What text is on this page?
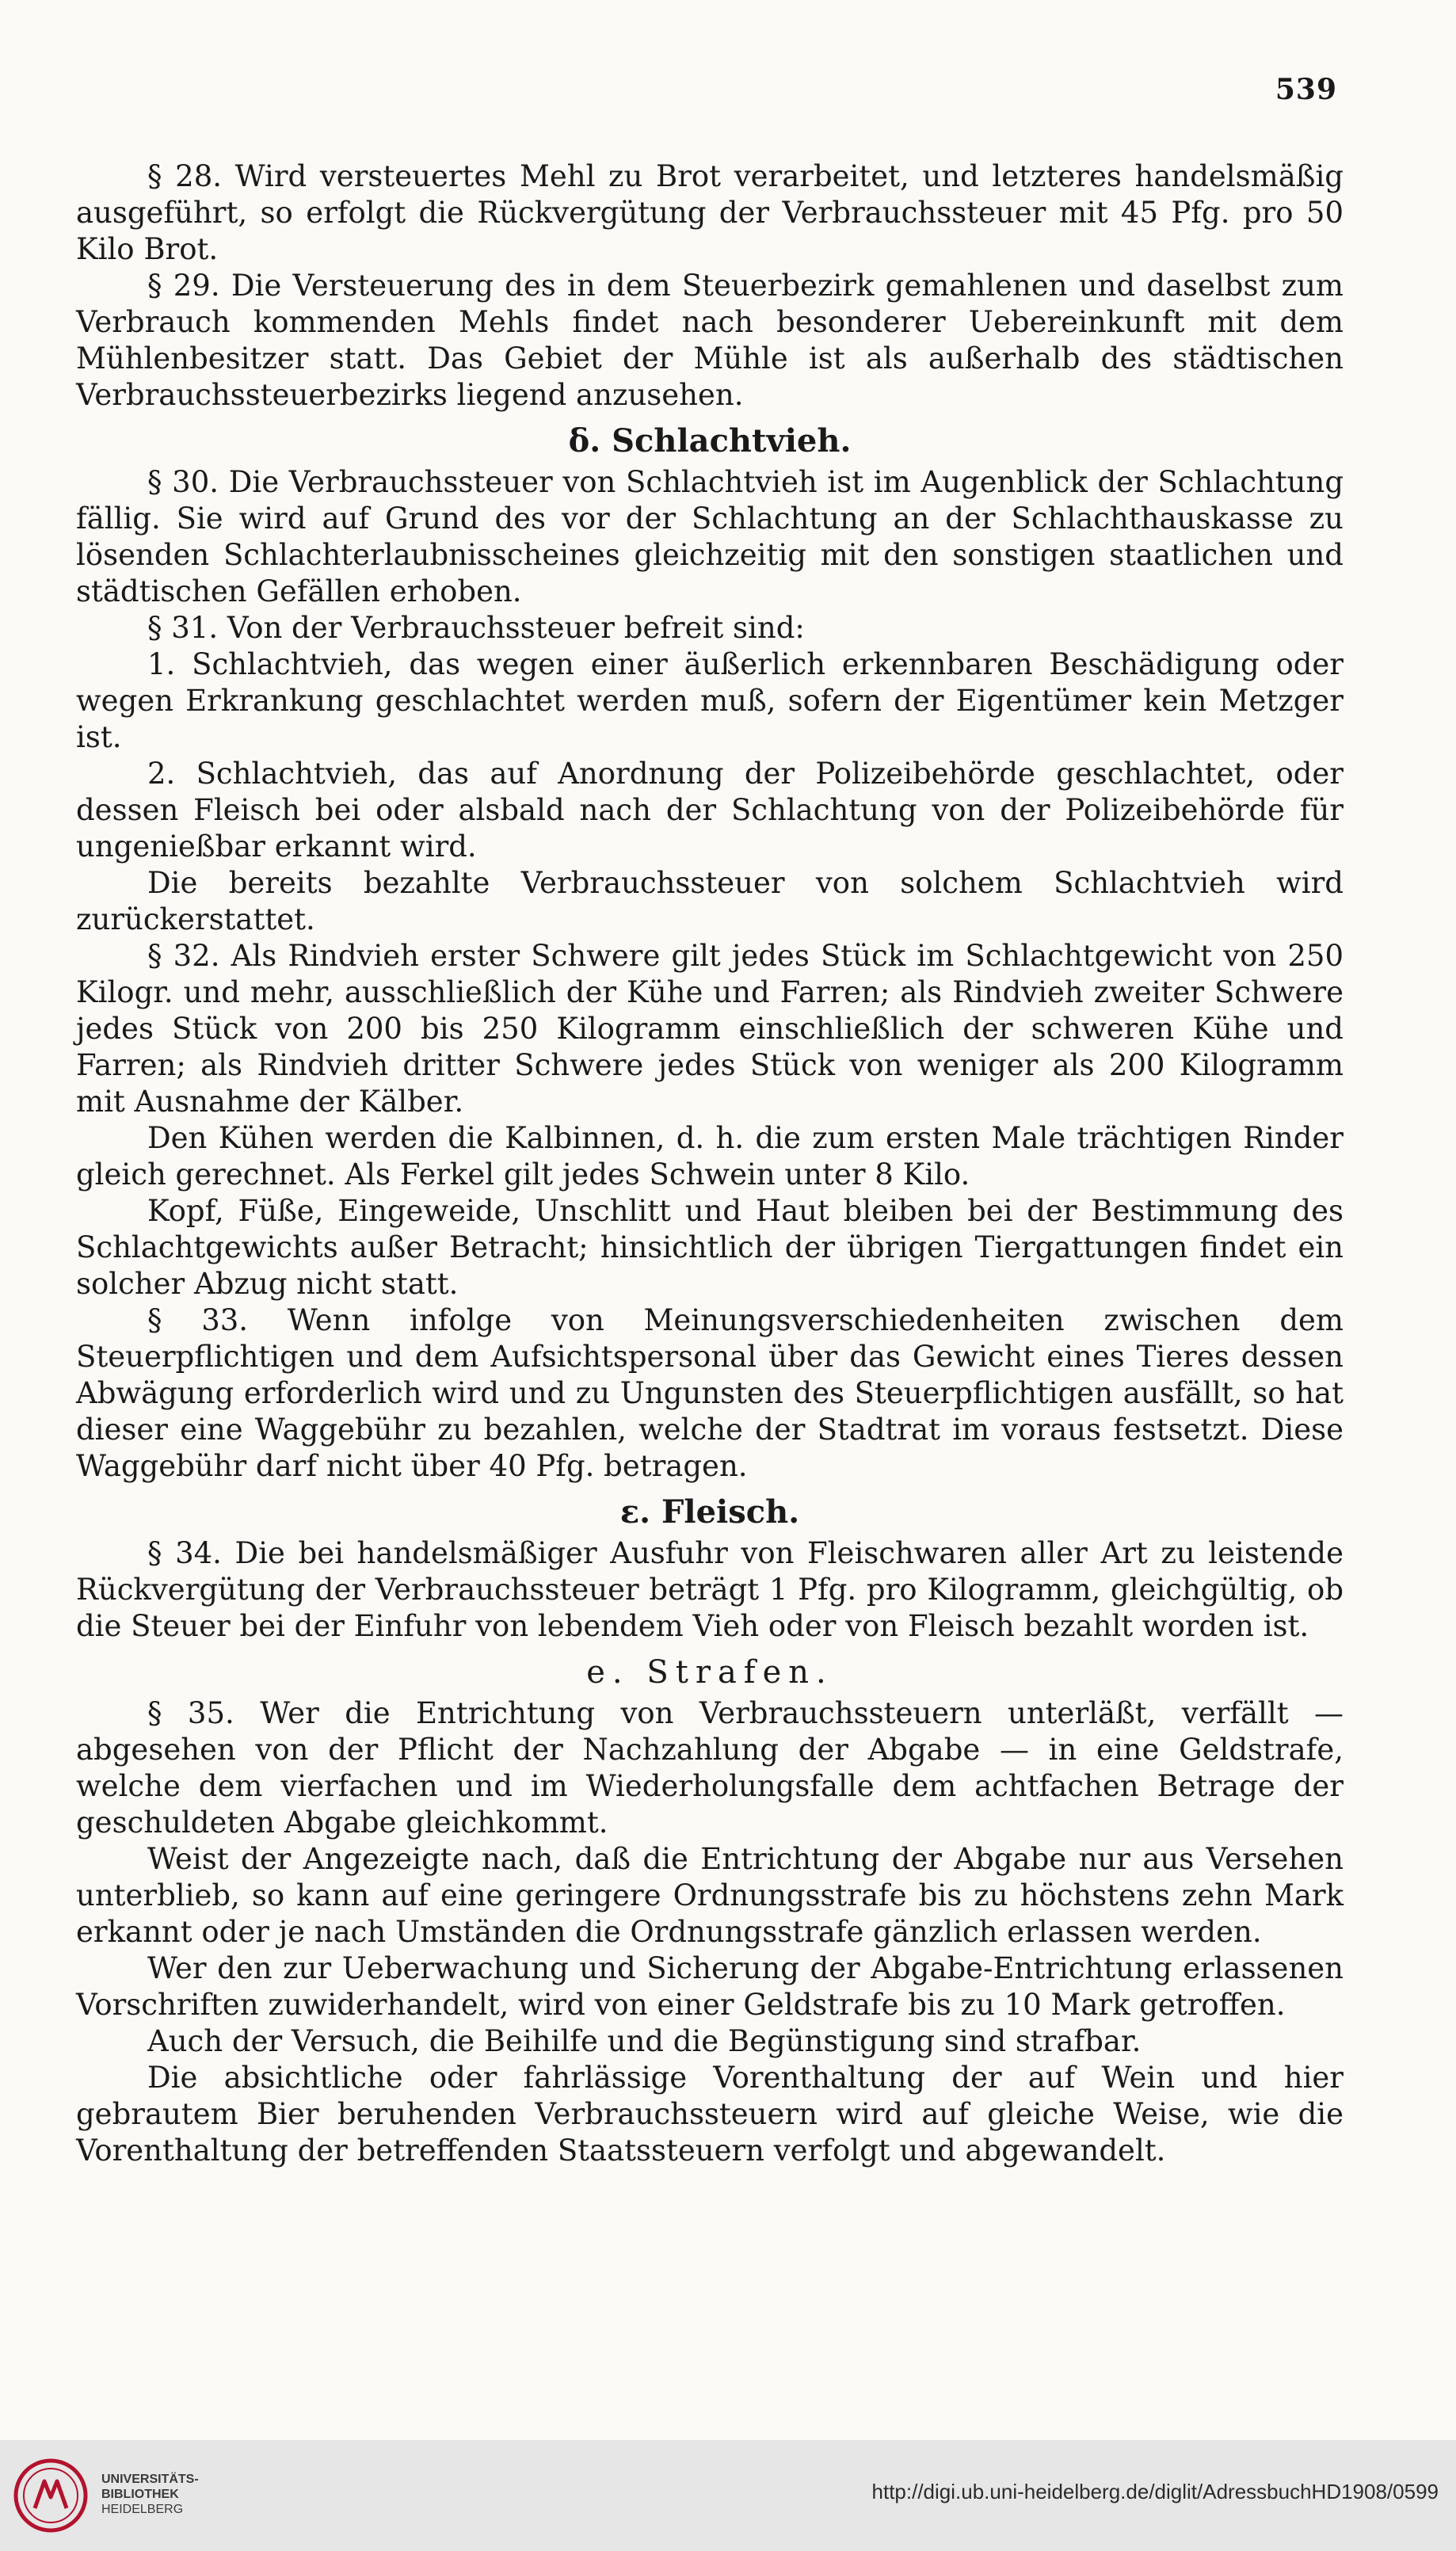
539

§ 28. Wird versteuertes Mehl zu Brot verarbeitet, und letzteres handelsmäßig ausgeführt, so erfolgt die Rückvergütung der Verbrauchssteuer mit 45 Pfg. pro 50 Kilo Brot.

§ 29. Die Versteuerung des in dem Steuerbezirk gemahlenen und daselbst zum Verbrauch kommenden Mehls findet nach besonderer Uebereinkunft mit dem Mühlenbesitzer statt. Das Gebiet der Mühle ist als außerhalb des städtischen Verbrauchssteuerbezirks liegend anzusehen.

δ. Schlachtvieh.

§ 30. Die Verbrauchssteuer von Schlachtvieh ist im Augenblick der Schlachtung fällig. Sie wird auf Grund des vor der Schlachtung an der Schlachthauskasse zu lösenden Schlachterlaubnisscheines gleichzeitig mit den sonstigen staatlichen und städtischen Gefällen erhoben.

§ 31. Von der Verbrauchssteuer befreit sind:

1. Schlachtvieh, das wegen einer äußerlich erkennbaren Beschädigung oder wegen Erkrankung geschlachtet werden muß, sofern der Eigentümer kein Metzger ist.

2. Schlachtvieh, das auf Anordnung der Polizeibehörde geschlachtet, oder dessen Fleisch bei oder alsbald nach der Schlachtung von der Polizeibehörde für ungenießbar erkannt wird.

Die bereits bezahlte Verbrauchssteuer von solchem Schlachtvieh wird zurückerstattet.

§ 32. Als Rindvieh erster Schwere gilt jedes Stück im Schlachtgewicht von 250 Kilogr. und mehr, ausschließlich der Kühe und Farren; als Rindvieh zweiter Schwere jedes Stück von 200 bis 250 Kilogramm einschließlich der schweren Kühe und Farren; als Rindvieh dritter Schwere jedes Stück von weniger als 200 Kilogramm mit Ausnahme der Kälber.

Den Kühen werden die Kalbinnen, d. h. die zum ersten Male trächtigen Rinder gleich gerechnet. Als Ferkel gilt jedes Schwein unter 8 Kilo.

Kopf, Füße, Eingeweide, Unschlitt und Haut bleiben bei der Bestimmung des Schlachtgewichts außer Betracht; hinsichtlich der übrigen Tiergattungen findet ein solcher Abzug nicht statt.

§ 33. Wenn infolge von Meinungsverschiedenheiten zwischen dem Steuerpflichtigen und dem Aufsichtspersonal über das Gewicht eines Tieres dessen Abwägung erforderlich wird und zu Ungunsten des Steuerpflichtigen ausfällt, so hat dieser eine Waggebühr zu bezahlen, welche der Stadtrat im voraus festsetzt. Diese Waggebühr darf nicht über 40 Pfg. betragen.

ε. Fleisch.

§ 34. Die bei handelsmäßiger Ausfuhr von Fleischwaren aller Art zu leistende Rückvergütung der Verbrauchssteuer beträgt 1 Pfg. pro Kilogramm, gleichgültig, ob die Steuer bei der Einfuhr von lebendem Vieh oder von Fleisch bezahlt worden ist.

e. Strafen.

§ 35. Wer die Entrichtung von Verbrauchssteuern unterläßt, verfällt — abgesehen von der Pflicht der Nachzahlung der Abgabe — in eine Geldstrafe, welche dem vierfachen und im Wiederholungsfalle dem achtfachen Betrage der geschuldeten Abgabe gleichkommt.

Weist der Angezeigte nach, daß die Entrichtung der Abgabe nur aus Versehen unterblieb, so kann auf eine geringere Ordnungsstrafe bis zu höchstens zehn Mark erkannt oder je nach Umständen die Ordnungsstrafe gänzlich erlassen werden.

Wer den zur Ueberwachung und Sicherung der Abgabe-Entrichtung erlassenen Vorschriften zuwiderhandelt, wird von einer Geldstrafe bis zu 10 Mark getroffen.

Auch der Versuch, die Beihilfe und die Begünstigung sind strafbar.

Die absichtliche oder fahrlässige Vorenthaltung der auf Wein und hier gebrautem Bier beruhenden Verbrauchssteuern wird auf gleiche Weise, wie die Vorenthaltung der betreffenden Staatssteuern verfolgt und abgewandelt.

UNIVERSITÄTS-
BIBLIOTHEK
HEIDELBERG
http://digi.ub.uni-heidelberg.de/diglit/AdressbuchHD1908/0599
